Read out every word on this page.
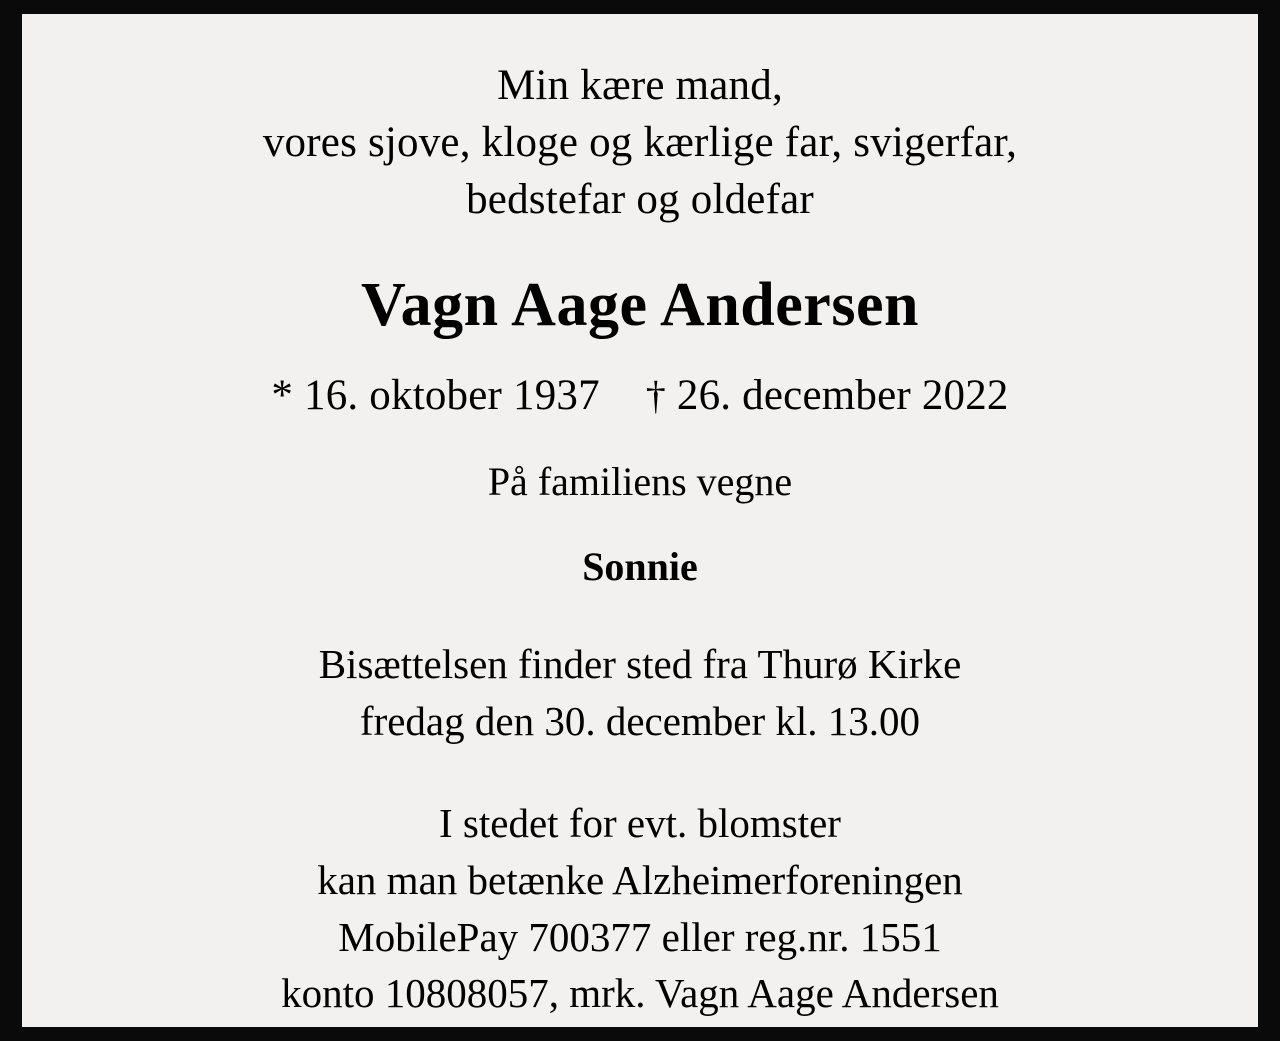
Min kære mand,
vores sjove, kloge og kærlige far, svigerfar,
bedstefar og oldefar
Vagn Aage Andersen
* 16. oktober 1937 † 26. december 2022
På familiens vegne
Sonnie
Bisættelsen finder sted fra Thurø Kirke
fredag den 30. december kl. 13.00
I stedet for evt. blomster
kan man betænke Alzheimerforeningen
MobilePay 700377 eller reg.nr. 1551
konto 10808057, mrk. Vagn Aage Andersen
